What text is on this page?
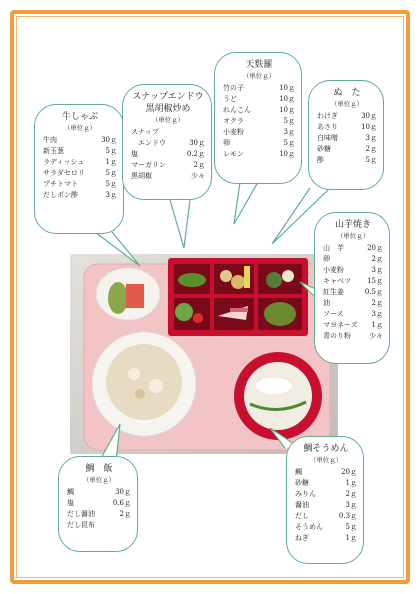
牛しゃぶ
（単位ｇ）
牛肉	30ｇ
新玉葱	5ｇ
ラディッシュ	1ｇ
サラダセロリ	5ｇ
プチトマト	5ｇ
だしポン酢	3ｇ
スナップエンドウ
黒胡椒炒め
（単位ｇ）
スナップ
　エンドウ	30ｇ
塩	0.2ｇ
マーガリン	2ｇ
黒胡椒	少々
天麩羅
（単位ｇ）
竹の子	10ｇ
うど	10ｇ
れんこん	10ｇ
オクラ	5ｇ
小麦粉	3ｇ
卵	5ｇ
レモン	10ｇ
ぬ　た
（単位ｇ）
わけぎ	30ｇ
あさり	10ｇ
白味噌	3ｇ
砂糖	2ｇ
酢	5ｇ
山芋焼き
（単位ｇ）
山　芋	20ｇ
卵	2ｇ
小麦粉	3ｇ
キャベツ	15ｇ
紅生姜	0.5ｇ
油	2ｇ
ソース	3ｇ
マヨネーズ	1ｇ
青のり粉	少々
鯛　飯
（単位ｇ）
鯛	30ｇ
塩	0.6ｇ
だし醤油	2ｇ
だし昆布
鯛そうめん
（単位ｇ）
鯛	20ｇ
砂糖	1ｇ
みりん	2ｇ
醤油	3ｇ
だし	0.3ｇ
そうめん	5ｇ
ねぎ	1ｇ
